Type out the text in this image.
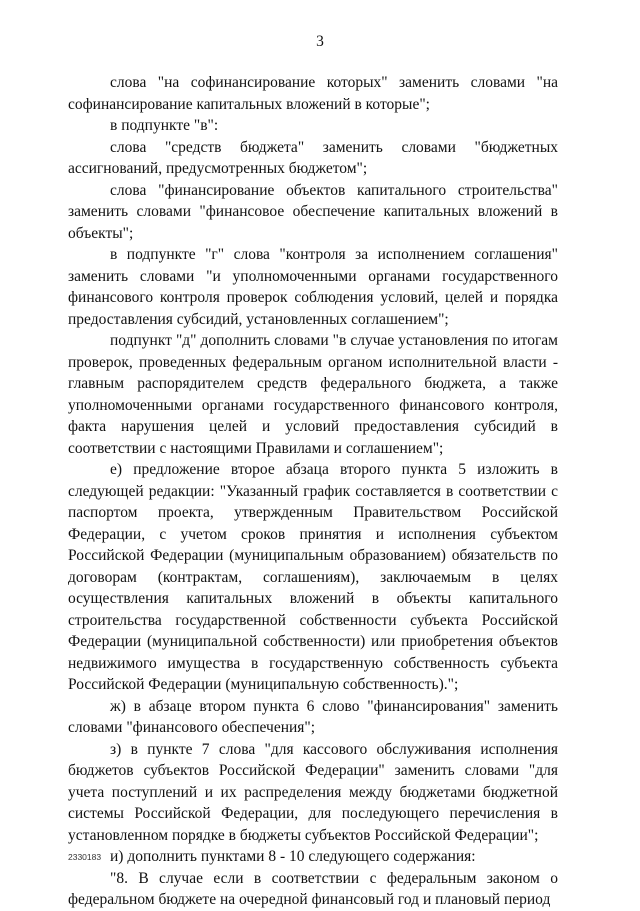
3

слова "на софинансирование которых" заменить словами "на софинансирование капитальных вложений в которые";

в подпункте "в":

слова "средств бюджета" заменить словами "бюджетных ассигнований, предусмотренных бюджетом";

слова "финансирование объектов капитального строительства" заменить словами "финансовое обеспечение капитальных вложений в объекты";

в подпункте "г" слова "контроля за исполнением соглашения" заменить словами "и уполномоченными органами государственного финансового контроля проверок соблюдения условий, целей и порядка предоставления субсидий, установленных соглашением";

подпункт "д" дополнить словами "в случае установления по итогам проверок, проведенных федеральным органом исполнительной власти - главным распорядителем средств федерального бюджета, а также уполномоченными органами государственного финансового контроля, факта нарушения целей и условий предоставления субсидий в соответствии с настоящими Правилами и соглашением";

е) предложение второе абзаца второго пункта 5 изложить в следующей редакции: "Указанный график составляется в соответствии с паспортом проекта, утвержденным Правительством Российской Федерации, с учетом сроков принятия и исполнения субъектом Российской Федерации (муниципальным образованием) обязательств по договорам (контрактам, соглашениям), заключаемым в целях осуществления капитальных вложений в объекты капитального строительства государственной собственности субъекта Российской Федерации (муниципальной собственности) или приобретения объектов недвижимого имущества в государственную собственность субъекта Российской Федерации (муниципальную собственность).";

ж) в абзаце втором пункта 6 слово "финансирования" заменить словами "финансового обеспечения";

з) в пункте 7 слова "для кассового обслуживания исполнения бюджетов субъектов Российской Федерации" заменить словами "для учета поступлений и их распределения между бюджетами бюджетной системы Российской Федерации, для последующего перечисления в установленном порядке в бюджеты субъектов Российской Федерации";

и) дополнить пунктами 8 - 10 следующего содержания:

"8. В случае если в соответствии с федеральным законом о федеральном бюджете на очередной финансовый год и плановый период

2330183
